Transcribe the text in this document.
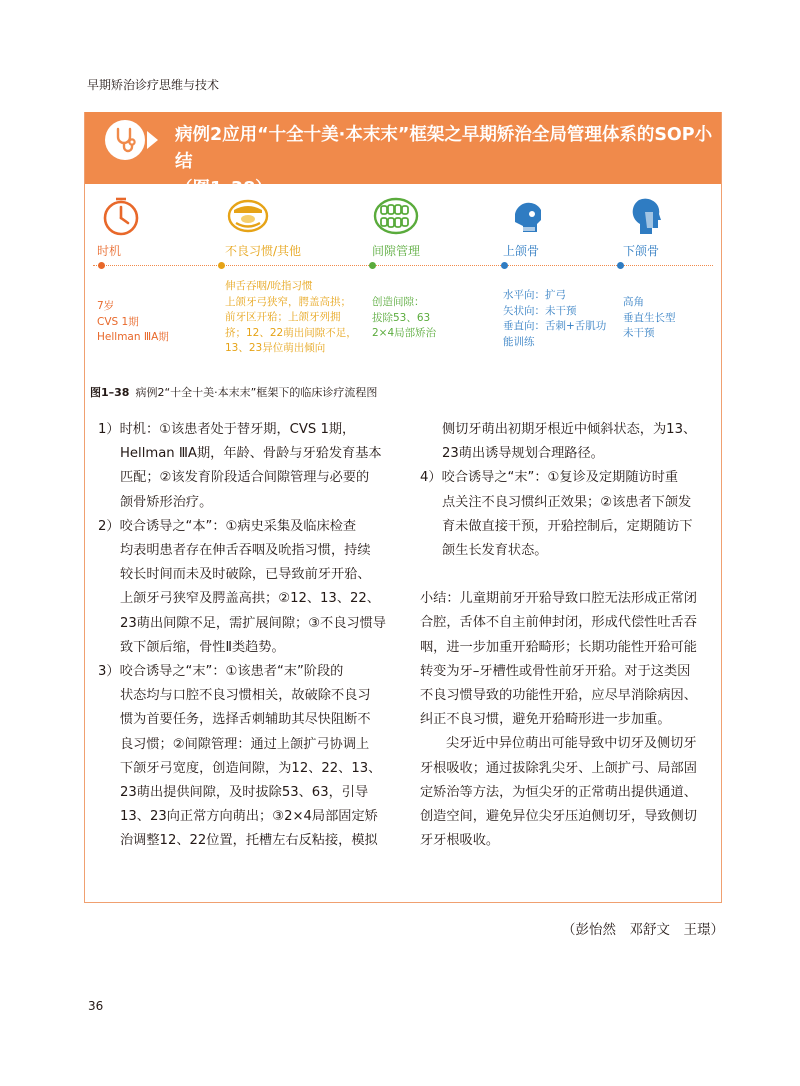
早期矫治诊疗思维与技术
病例2应用“十全十美·本末末”框架之早期矫治全局管理体系的SOP小结
（图1–38）
时机
7岁
CVS 1期
Hellman ⅢA期
不良习惯/其他
伸舌吞咽/吮指习惯
上颌牙弓狭窄，腭盖高拱；
前牙区开𬌗；上颌牙列拥
挤；12、22萌出间隙不足，
13、23异位萌出倾向
间隙管理
创造间隙：
拔除53、63
2×4局部矫治
上颌骨
水平向：扩弓
矢状向：未干预
垂直向：舌刺+舌肌功
能训练
下颌骨
高角
垂直生长型
未干预
图1–38 病例2“十全十美·本末末”框架下的临床诊疗流程图
1）时机：①该患者处于替牙期，CVS 1期，
Hellman ⅢA期，年龄、骨龄与牙𬌗发育基本
匹配；②该发育阶段适合间隙管理与必要的
颌骨矫形治疗。
2）咬合诱导之“本”：①病史采集及临床检查
均表明患者存在伸舌吞咽及吮指习惯，持续
较长时间而未及时破除，已导致前牙开𬌗、
上颌牙弓狭窄及腭盖高拱；②12、13、22、
23萌出间隙不足，需扩展间隙；③不良习惯导
致下颌后缩，骨性Ⅱ类趋势。
3）咬合诱导之“末”：①该患者“末”阶段的
状态均与口腔不良习惯相关，故破除不良习
惯为首要任务，选择舌刺辅助其尽快阻断不
良习惯；②间隙管理：通过上颌扩弓协调上
下颌牙弓宽度，创造间隙，为12、22、13、
23萌出提供间隙，及时拔除53、63，引导
13、23向正常方向萌出；③2×4局部固定矫
治调整12、22位置，托槽左右反粘接，模拟
侧切牙萌出初期牙根近中倾斜状态，为13、
23萌出诱导规划合理路径。
4）咬合诱导之“末”：①复诊及定期随访时重
点关注不良习惯纠正效果；②该患者下颌发
育未做直接干预，开𬌗控制后，定期随访下
颌生长发育状态。
小结：儿童期前牙开𬌗导致口腔无法形成正常闭
合腔，舌体不自主前伸封闭，形成代偿性吐舌吞
咽，进一步加重开𬌗畸形；长期功能性开𬌗可能
转变为牙–牙槽性或骨性前牙开𬌗。对于这类因
不良习惯导致的功能性开𬌗，应尽早消除病因、
纠正不良习惯，避免开𬌗畸形进一步加重。
尖牙近中异位萌出可能导致中切牙及侧切牙
牙根吸收；通过拔除乳尖牙、上颌扩弓、局部固
定矫治等方法，为恒尖牙的正常萌出提供通道、
创造空间，避免异位尖牙压迫侧切牙，导致侧切
牙牙根吸收。
（彭怡然　邓舒文　王璟）
36
